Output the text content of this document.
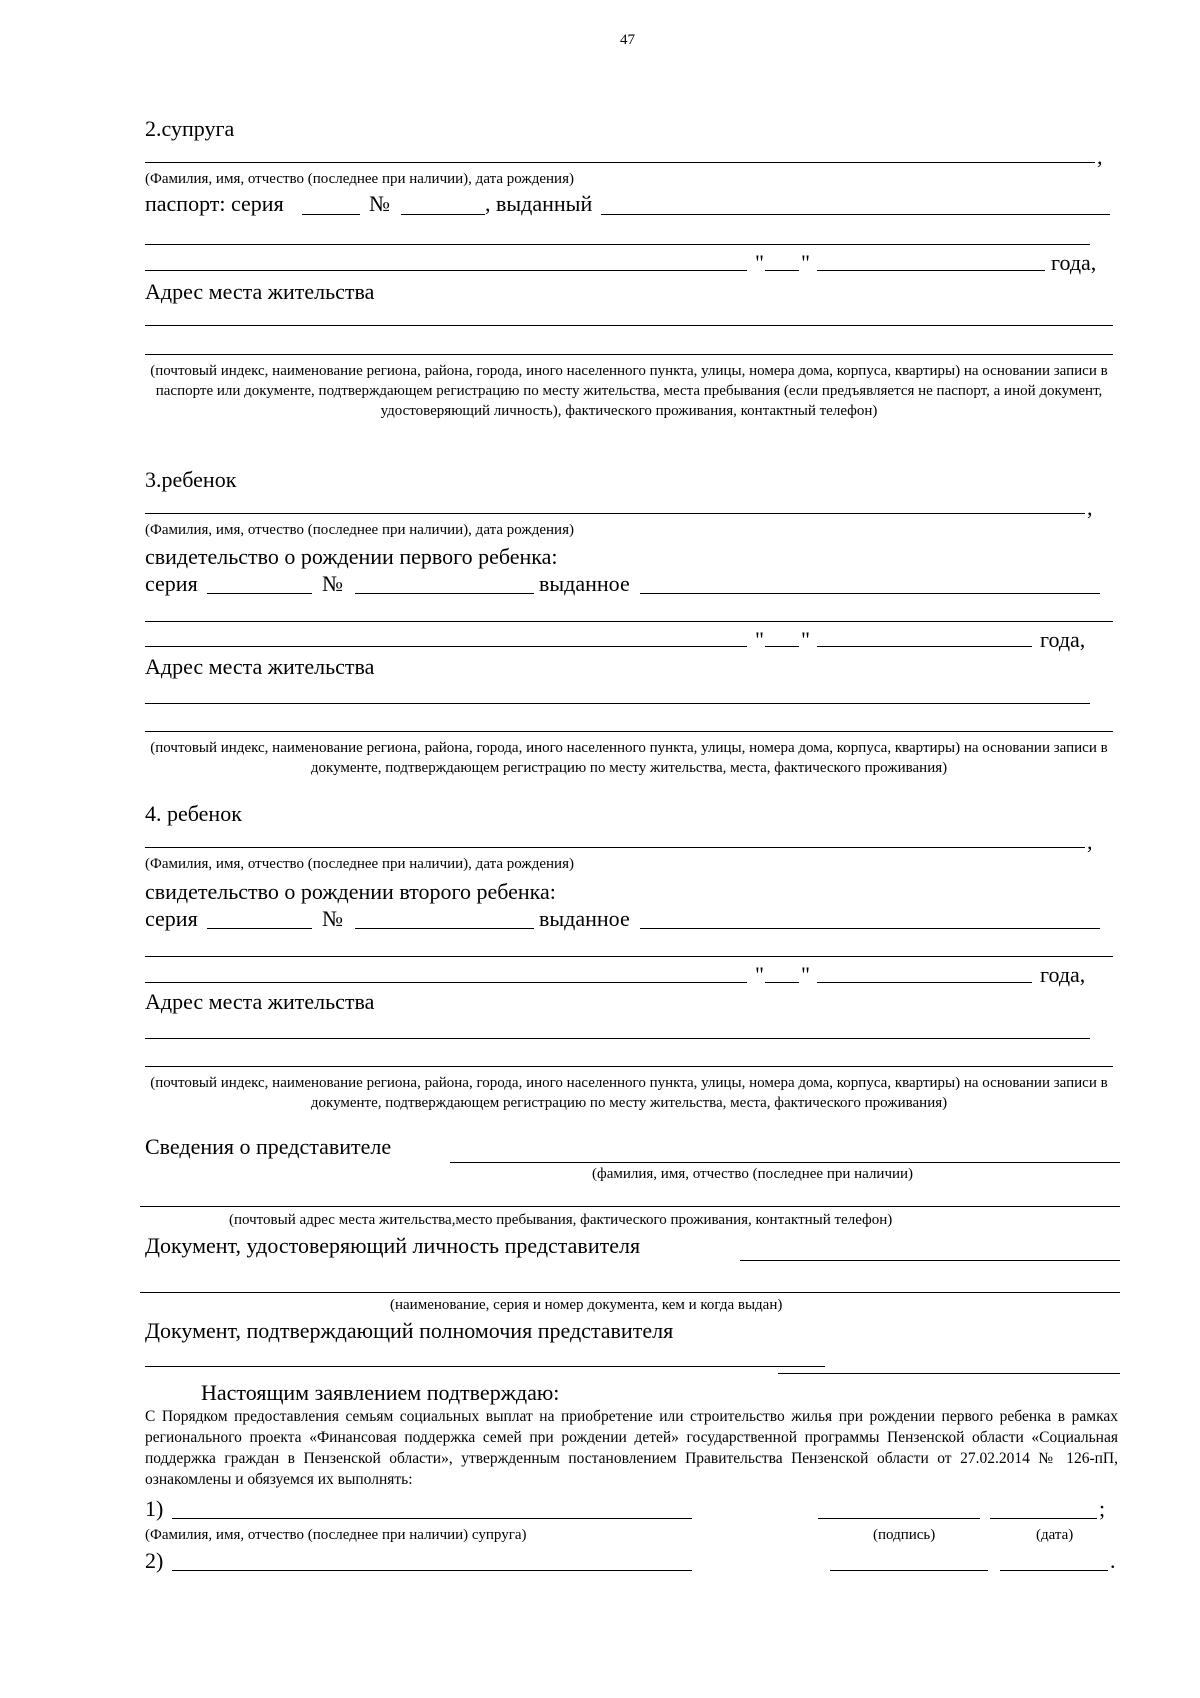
47
2.супруга
,
(Фамилия, имя, отчество (последнее при наличии), дата рождения)
паспорт: серия	№	, выданный
" "	года,
Адрес места жительства
(почтовый индекс, наименование региона, района, города, иного населенного пункта, улицы, номера дома, корпуса, квартиры) на основании записи в паспорте или документе, подтверждающем регистрацию по месту жительства, места пребывания (если предъявляется не паспорт, а иной документ, удостоверяющий личность), фактического проживания, контактный телефон)
3.ребенок
,
(Фамилия, имя, отчество (последнее при наличии), дата рождения)
свидетельство о рождении первого ребенка:
серия	№	выданное
" "	года,
Адрес места жительства
(почтовый индекс, наименование региона, района, города, иного населенного пункта, улицы, номера дома, корпуса, квартиры) на основании записи в документе, подтверждающем регистрацию по месту жительства, места, фактического проживания)
4. ребенок
,
(Фамилия, имя, отчество (последнее при наличии), дата рождения)
свидетельство о рождении второго ребенка:
серия	№	выданное
" "	года,
Адрес места жительства
(почтовый индекс, наименование региона, района, города, иного населенного пункта, улицы, номера дома, корпуса, квартиры) на основании записи в документе, подтверждающем регистрацию по месту жительства, места, фактического проживания)
Сведения о представителе
(фамилия, имя, отчество (последнее при наличии)
(почтовый адрес места жительства,место пребывания, фактического проживания, контактный телефон)
Документ, удостоверяющий личность представителя
(наименование, серия и номер документа, кем и когда выдан)
Документ, подтверждающий полномочия представителя
Настоящим заявлением подтверждаю:
С Порядком предоставления семьям социальных выплат на приобретение или строительство жилья при рождении первого ребенка в рамках регионального проекта «Финансовая поддержка семей при рождении детей» государственной программы Пензенской области «Социальная поддержка граждан в Пензенской области», утвержденным постановлением Правительства Пензенской области от 27.02.2014 № 126-пП, ознакомлены и обязуемся их выполнять:
1)	;
(Фамилия, имя, отчество (последнее при наличии) супруга)	(подпись)	(дата)
2)	.
